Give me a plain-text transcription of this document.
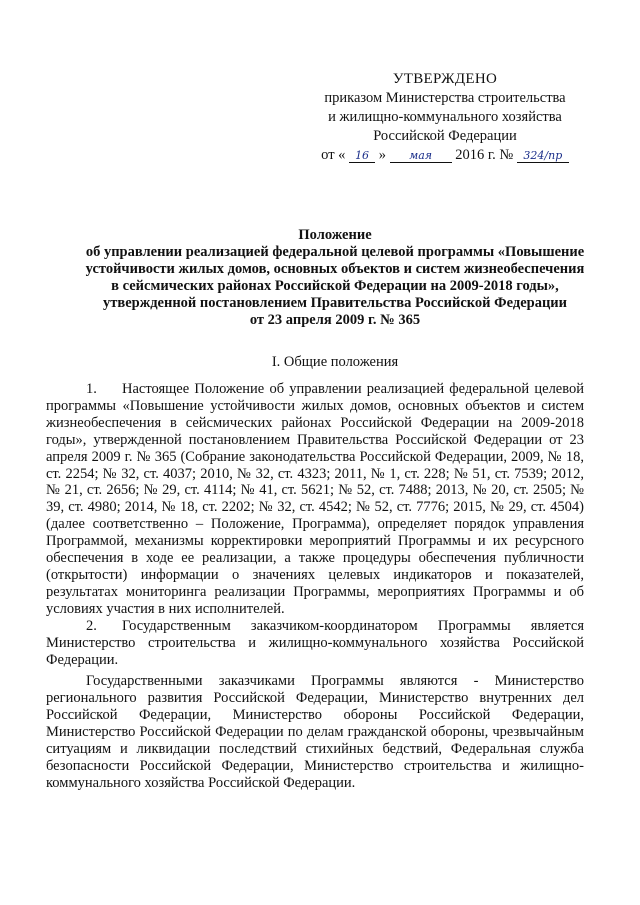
УТВЕРЖДЕНО
приказом Министерства строительства
и жилищно-коммунального хозяйства
Российской Федерации
от « 16 » мая 2016 г. № 324/пр
Положение
об управлении реализацией федеральной целевой программы «Повышение
устойчивости жилых домов, основных объектов и систем жизнеобеспечения
в сейсмических районах Российской Федерации на 2009-2018 годы»,
утвержденной постановлением Правительства Российской Федерации
от 23 апреля 2009 г. № 365
I. Общие положения

1. Настоящее Положение об управлении реализацией федеральной целевой программы «Повышение устойчивости жилых домов, основных объектов и систем жизнеобеспечения в сейсмических районах Российской Федерации на 2009-2018 годы», утвержденной постановлением Правительства Российской Федерации от 23 апреля 2009 г. № 365 (Собрание законодательства Российской Федерации, 2009, № 18, ст. 2254; № 32, ст. 4037; 2010, № 32, ст. 4323; 2011, № 1, ст. 228; № 51, ст. 7539; 2012, № 21, ст. 2656; № 29, ст. 4114; № 41, ст. 5621; № 52, ст. 7488; 2013, № 20, ст. 2505; № 39, ст. 4980; 2014, № 18, ст. 2202; № 32, ст. 4542; № 52, ст. 7776; 2015, № 29, ст. 4504) (далее соответственно – Положение, Программа), определяет порядок управления Программой, механизмы корректировки мероприятий Программы и их ресурсного обеспечения в ходе ее реализации, а также процедуры обеспечения публичности (открытости) информации о значениях целевых индикаторов и показателей, результатах мониторинга реализации Программы, мероприятиях Программы и об условиях участия в них исполнителей.

2. Государственным заказчиком-координатором Программы является Министерство строительства и жилищно-коммунального хозяйства Российской Федерации.

Государственными заказчиками Программы являются - Министерство регионального развития Российской Федерации, Министерство внутренних дел Российской Федерации, Министерство обороны Российской Федерации, Министерство Российской Федерации по делам гражданской обороны, чрезвычайным ситуациям и ликвидации последствий стихийных бедствий, Федеральная служба безопасности Российской Федерации, Министерство строительства и жилищно-коммунального хозяйства Российской Федерации.
